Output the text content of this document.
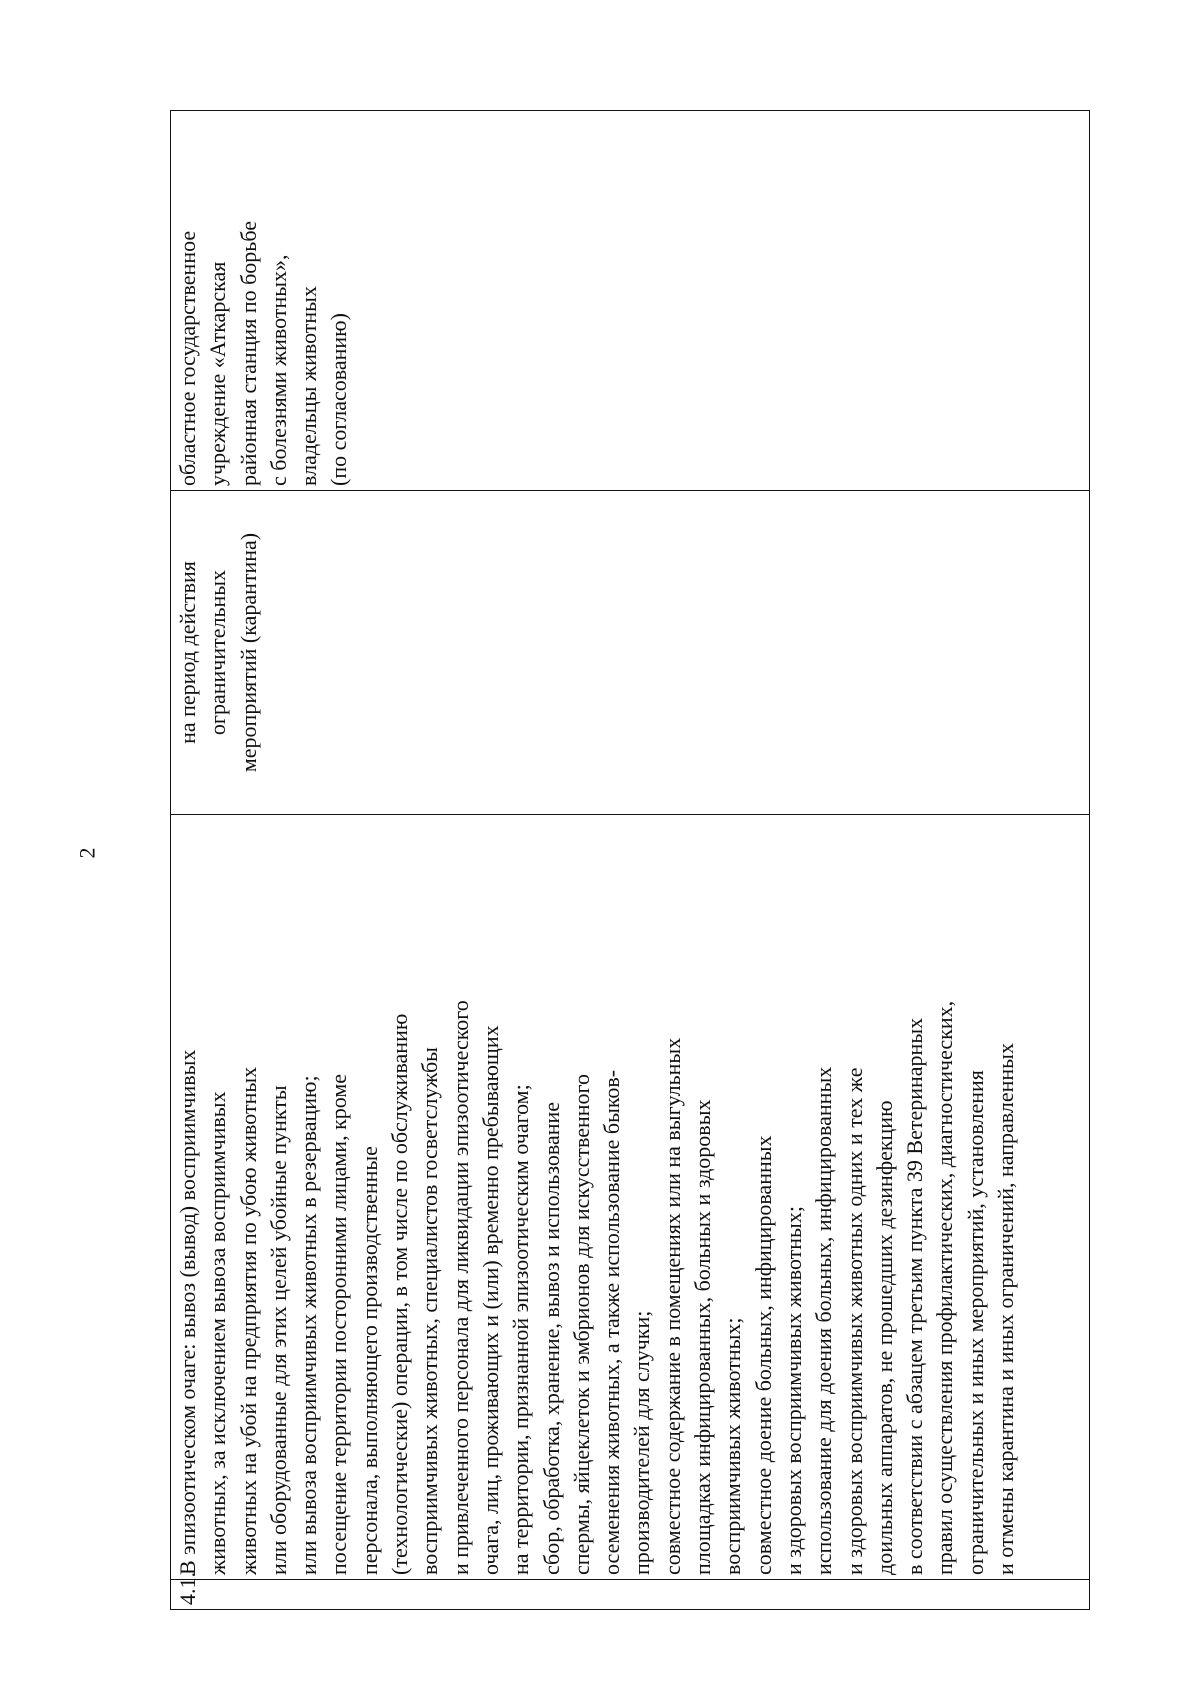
2
4.1.
В эпизоотическом очаге: вывоз (вывод) восприимчивых животных, за исключением вывоза восприимчивых животных на убой на предприятия по убою животных или оборудованные для этих целей убойные пункты или вывоза восприимчивых животных в резервацию; посещение территории посторонними лицами, кроме персонала, выполняющего производственные (технологические) операции, в том числе по обслуживанию восприимчивых животных, специалистов госветслужбы и привлеченного персонала для ликвидации эпизоотического очага, лиц, проживающих и (или) временно пребывающих на территории, признанной эпизоотическим очагом; сбор, обработка, хранение, вывоз и использование спермы, яйцеклеток и эмбрионов для искусственного осеменения животных, а также использование быков- производителей для случки; совместное содержание в помещениях или на выгульных площадках инфицированных, больных и здоровых восприимчивых животных; совместное доение больных, инфицированных и здоровых восприимчивых животных; использование для доения больных, инфицированных и здоровых восприимчивых животных одних и тех же доильных аппаратов, не прошедших дезинфекцию в соответствии с абзацем третьим пункта 39 Ветеринарных правил осуществления профилактических, диагностических, ограничительных и иных мероприятий, установления и отмены карантина и иных ограничений, направленных
на период действия ограничительных мероприятий (карантина)
областное государственное учреждение «Аткарская районная станция по борьбе с болезнями животных», владельцы животных (по согласованию)
